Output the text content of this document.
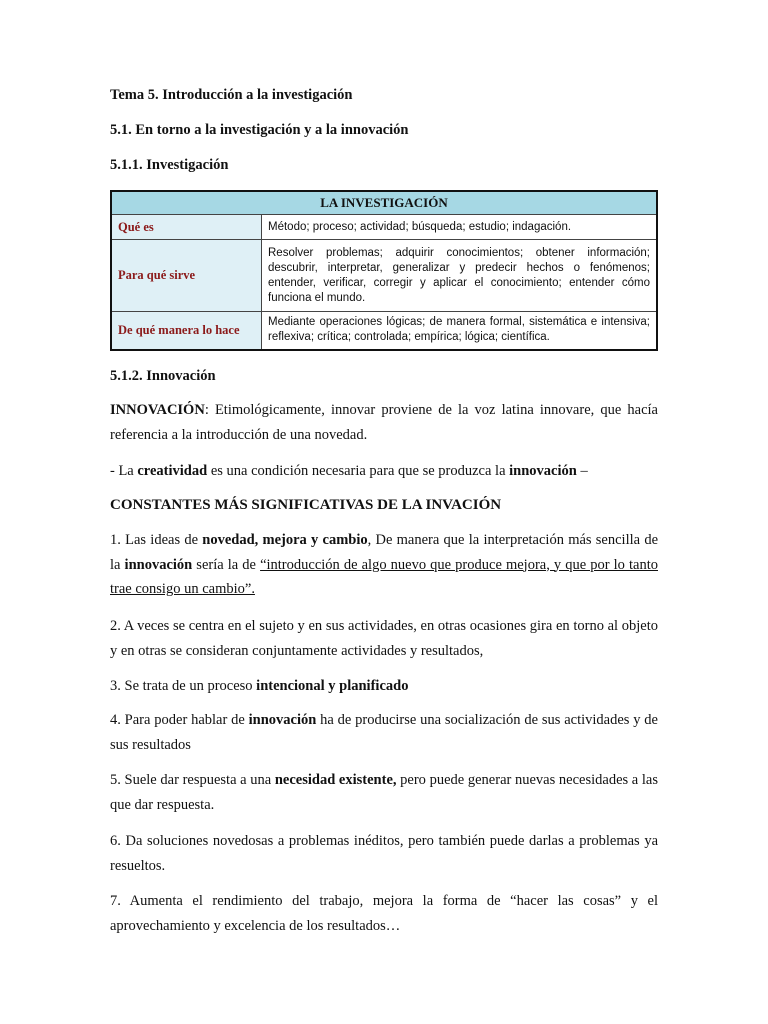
Tema 5. Introducción a la investigación

5.1. En torno a la investigación y a la innovación

5.1.1. Investigación

LA INVESTIGACIÓN	
Qué es	Método; proceso; actividad; búsqueda; estudio; indagación.
Para qué sirve	Resolver problemas; adquirir conocimientos; obtener información; descubrir, interpretar, generalizar y predecir hechos o fenómenos; entender, verificar, corregir y aplicar el conocimiento; entender cómo funciona el mundo.
De qué manera lo hace	Mediante operaciones lógicas; de manera formal, sistemática e intensiva; reflexiva; crítica; controlada; empírica; lógica; científica.

5.1.2. Innovación

INNOVACIÓN: Etimológicamente, innovar proviene de la voz latina innovare, que hacía referencia a la introducción de una novedad.

- La creatividad es una condición necesaria para que se produzca la innovación –

CONSTANTES MÁS SIGNIFICATIVAS DE LA INVACIÓN

1. Las ideas de novedad, mejora y cambio, De manera que la interpretación más sencilla de la innovación sería la de “introducción de algo nuevo que produce mejora, y que por lo tanto trae consigo un cambio”.

2. A veces se centra en el sujeto y en sus actividades, en otras ocasiones gira en torno al objeto y en otras se consideran conjuntamente actividades y resultados,

3. Se trata de un proceso intencional y planificado

4. Para poder hablar de innovación ha de producirse una socialización de sus actividades y de sus resultados

5. Suele dar respuesta a una necesidad existente, pero puede generar nuevas necesidades a las que dar respuesta.

6. Da soluciones novedosas a problemas inéditos, pero también puede darlas a problemas ya resueltos.

7. Aumenta el rendimiento del trabajo, mejora la forma de “hacer las cosas” y el aprovechamiento y excelencia de los resultados…
